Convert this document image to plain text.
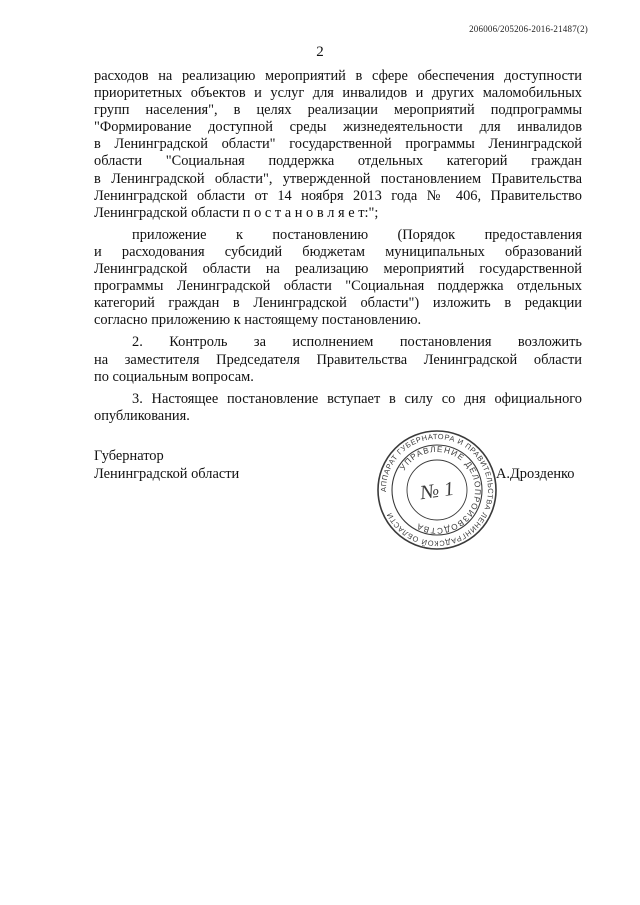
206006/205206-2016-21487(2)
2
расходов на реализацию мероприятий в сфере обеспечения доступности
приоритетных объектов и услуг для инвалидов и других маломобильных
групп населения", в целях реализации мероприятий подпрограммы
"Формирование доступной среды жизнедеятельности для инвалидов
в Ленинградской области" государственной программы Ленинградской
области "Социальная поддержка отдельных категорий граждан
в Ленинградской области", утвержденной постановлением Правительства
Ленинградской области от 14 ноября 2013 года № 406, Правительство
Ленинградской области п о с т а н о в л я е т:";
приложение к постановлению (Порядок предоставления
и расходования субсидий бюджетам муниципальных образований
Ленинградской области на реализацию мероприятий государственной
программы Ленинградской области "Социальная поддержка отдельных
категорий граждан в Ленинградской области") изложить в редакции
согласно приложению к настоящему постановлению.
2. Контроль за исполнением постановления возложить
на заместителя Председателя Правительства Ленинградской области
по социальным вопросам.
3. Настоящее постановление вступает в силу со дня официального
опубликования.
Губернатор
Ленинградской области
АППАРАТ ГУБЕРНАТОРА И ПРАВИТЕЛЬСТВА ЛЕНИНГРАДСКОЙ ОБЛАСТИ
УПРАВЛЕНИЕ ДЕЛОПРОИЗВОДСТВА
№ 1
А.Дрозденко
